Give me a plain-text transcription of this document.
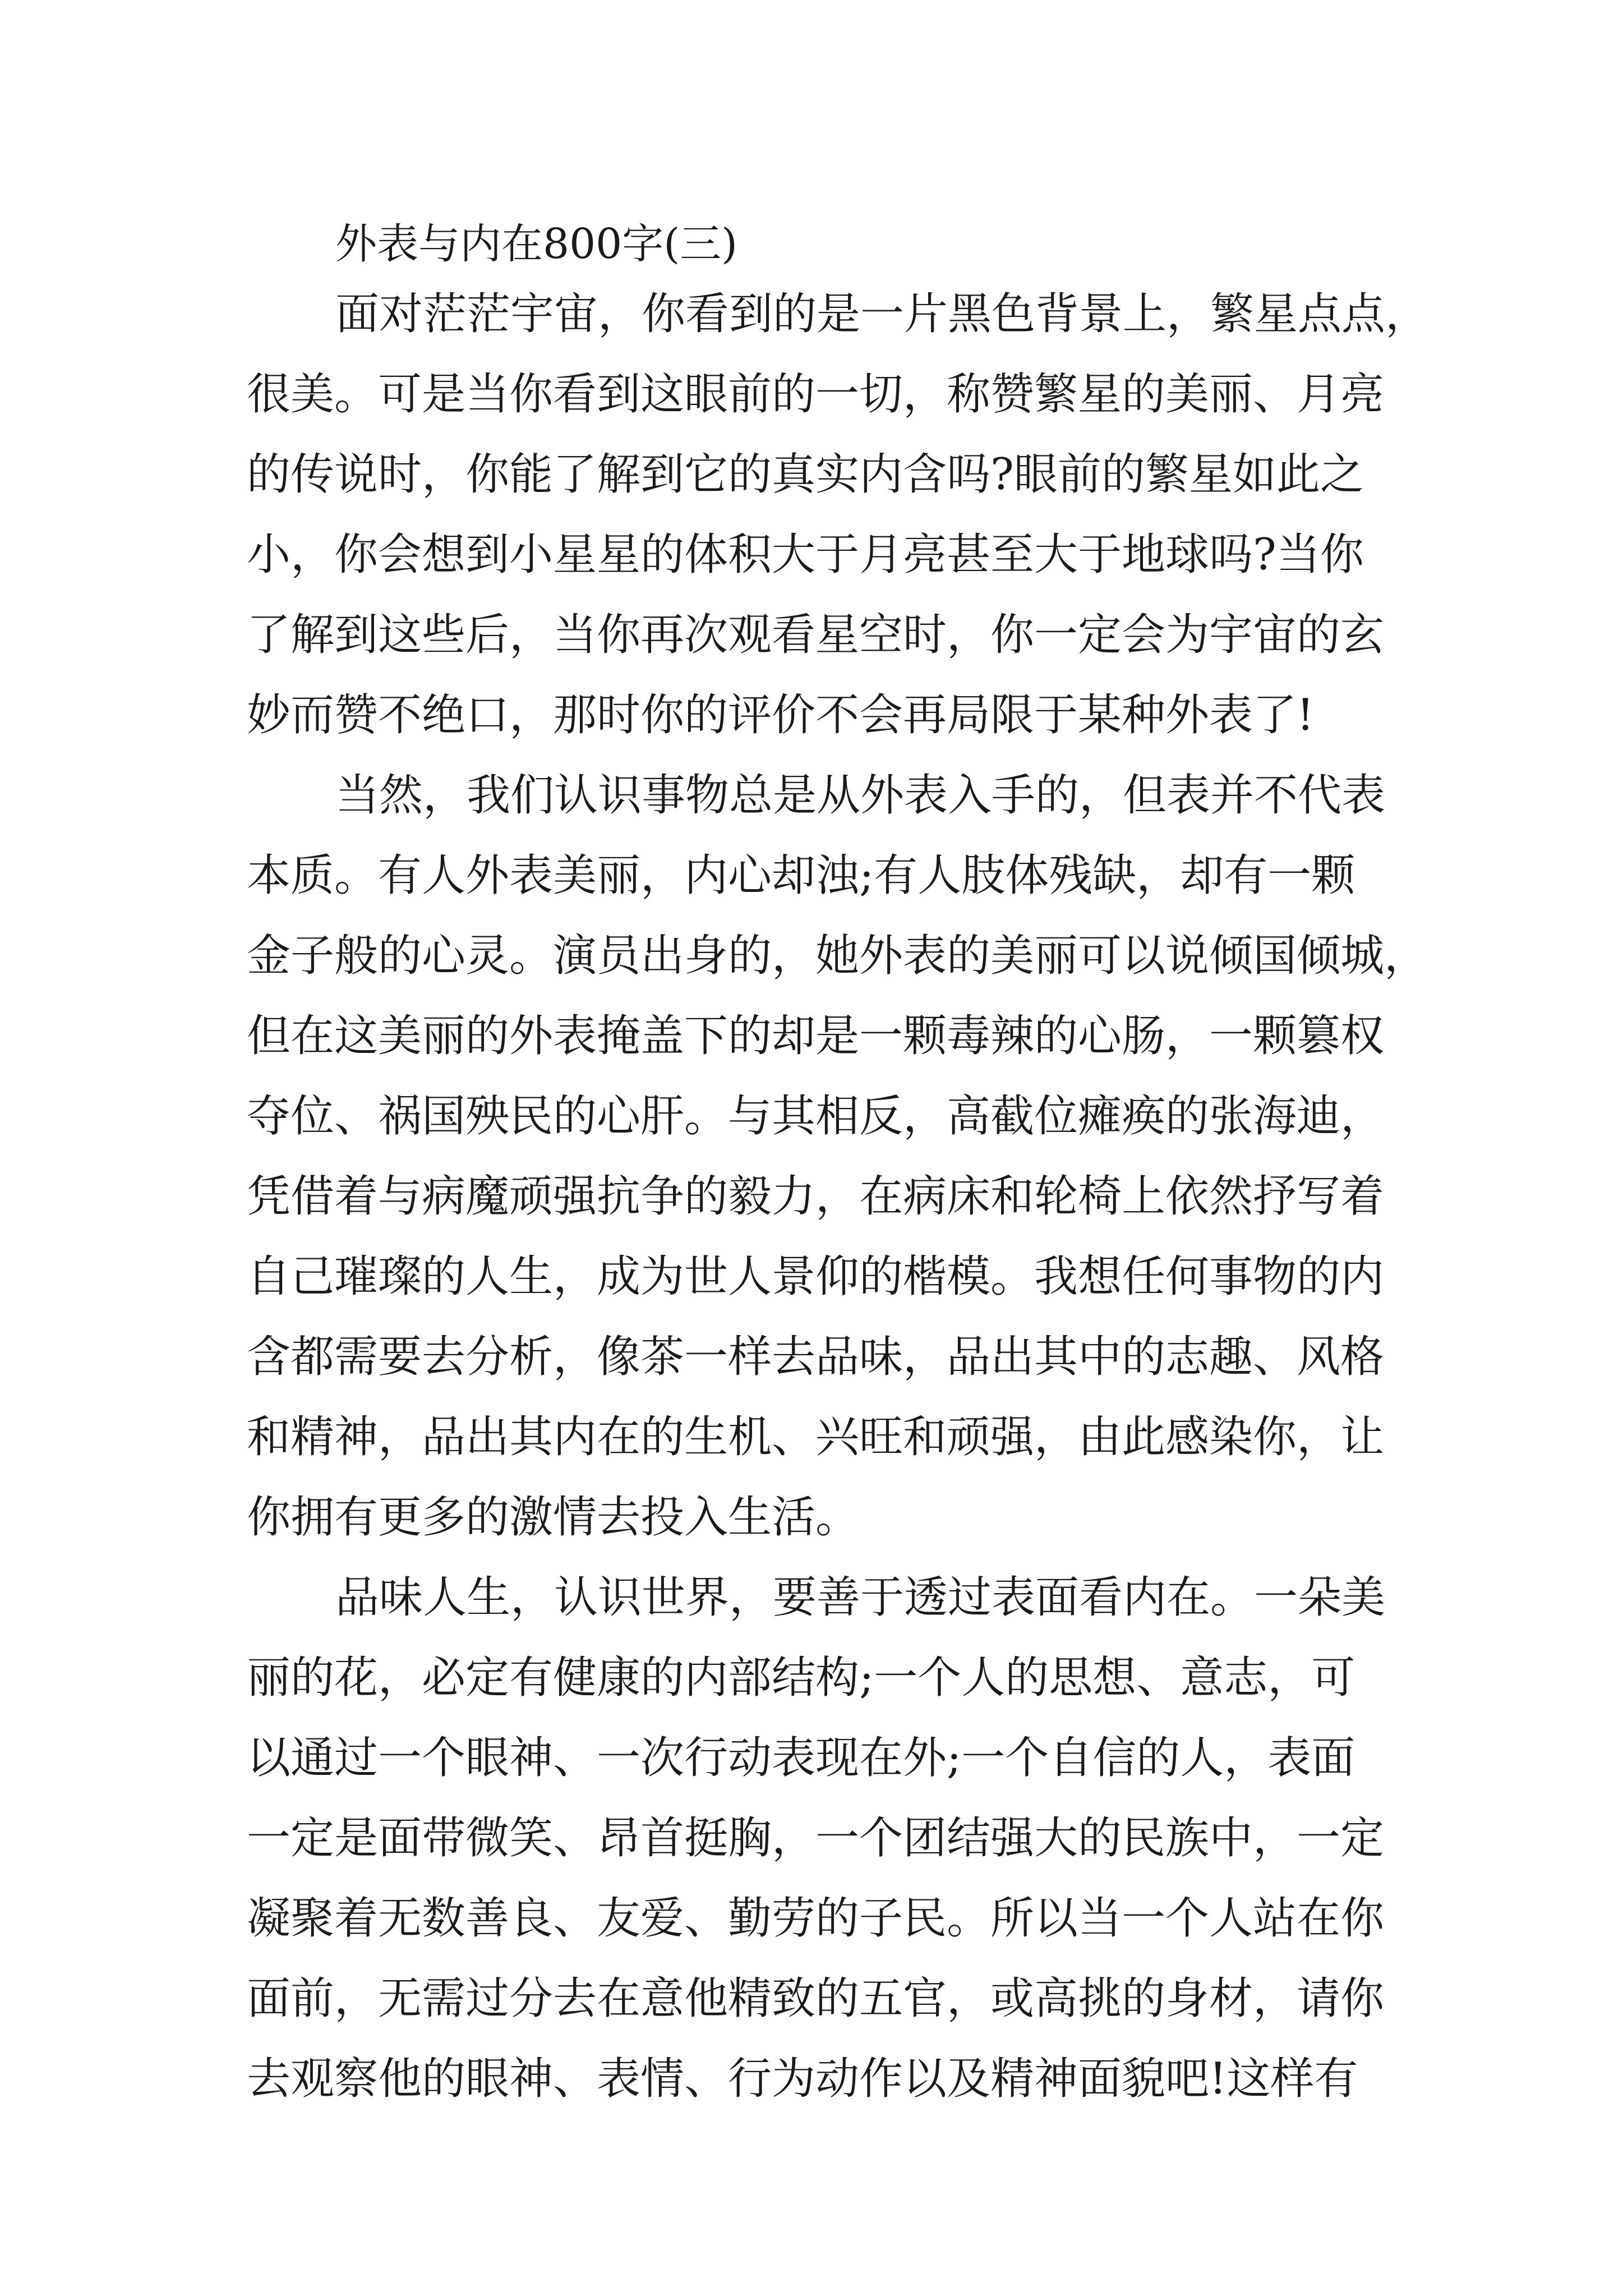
外表与内在800字(三)
面对茫茫宇宙，你看到的是一片黑色背景上，繁星点点，
很美。可是当你看到这眼前的一切，称赞繁星的美丽、月亮
的传说时，你能了解到它的真实内含吗?眼前的繁星如此之
小，你会想到小星星的体积大于月亮甚至大于地球吗?当你
了解到这些后，当你再次观看星空时，你一定会为宇宙的玄
妙而赞不绝口，那时你的评价不会再局限于某种外表了!
当然，我们认识事物总是从外表入手的，但表并不代表
本质。有人外表美丽，内心却浊;有人肢体残缺，却有一颗
金子般的心灵。演员出身的，她外表的美丽可以说倾国倾城，
但在这美丽的外表掩盖下的却是一颗毒辣的心肠，一颗篡权
夺位、祸国殃民的心肝。与其相反，高截位瘫痪的张海迪，
凭借着与病魔顽强抗争的毅力，在病床和轮椅上依然抒写着
自己璀璨的人生，成为世人景仰的楷模。我想任何事物的内
含都需要去分析，像茶一样去品味，品出其中的志趣、风格
和精神，品出其内在的生机、兴旺和顽强，由此感染你，让
你拥有更多的激情去投入生活。
品味人生，认识世界，要善于透过表面看内在。一朵美
丽的花，必定有健康的内部结构;一个人的思想、意志，可
以通过一个眼神、一次行动表现在外;一个自信的人，表面
一定是面带微笑、昂首挺胸，一个团结强大的民族中，一定
凝聚着无数善良、友爱、勤劳的子民。所以当一个人站在你
面前，无需过分去在意他精致的五官，或高挑的身材，请你
去观察他的眼神、表情、行为动作以及精神面貌吧!这样有
